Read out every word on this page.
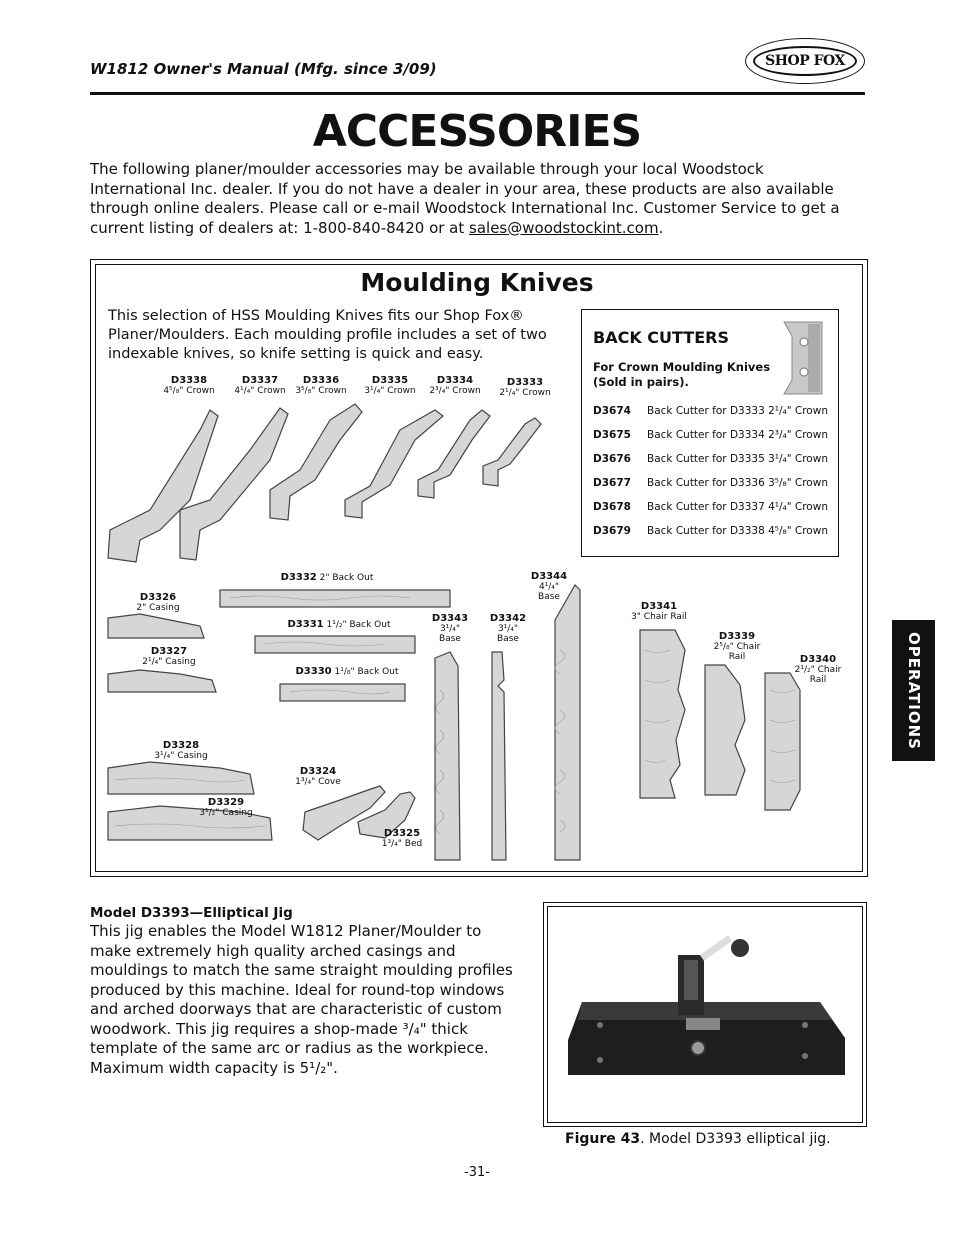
W1812 Owner's Manual (Mfg. since 3/09)	SHOP FOX
ACCESSORIES
The following planer/moulder accessories may be available through your local Woodstock International Inc. dealer. If you do not have a dealer in your area, these products are also available through online dealers. Please call or e-mail Woodstock International Inc. Customer Service to get a current listing of dealers at: 1-800-840-8420 or at sales@woodstockint.com.
Moulding Knives
This selection of HSS Moulding Knives fits our Shop Fox® Planer/Moulders. Each moulding profile includes a set of two indexable knives, so knife setting is quick and easy.
D3338
4⁵/₈" Crown
D3337
4¹/₄" Crown
D3336
3⁵/₈" Crown
D3335
3¹/₄" Crown
D3334
2³/₄" Crown
D3333
2¹/₄" Crown
D3332 2" Back Out
D3331 1¹/₂" Back Out
D3330 1¹/₈" Back Out
D3326
2" Casing
D3327
2¹/₄" Casing
D3328
3¹/₄" Casing
D3329
3¹/₂" Casing
D3324
1³/₄" Cove
D3325
1³/₄" Bed
D3343
3¹/₄"
Base
D3342
3¹/₄"
Base
D3344
4¹/₄"
Base
D3341
3" Chair Rail
D3339
2⁵/₈" Chair
Rail	D3340
2¹/₂" Chair
Rail
BACK CUTTERS
For Crown Moulding Knives (Sold in pairs).
D3674 Back Cutter for D3333 2¹/₄" Crown
D3675 Back Cutter for D3334 2³/₄" Crown
D3676 Back Cutter for D3335 3¹/₄" Crown
D3677 Back Cutter for D3336 3⁵/₈" Crown
D3678 Back Cutter for D3337 4¹/₄" Crown
D3679 Back Cutter for D3338 4⁵/₈" Crown
OPERATIONS
Model D3393—Elliptical Jig
This jig enables the Model W1812 Planer/Moulder to make extremely high quality arched casings and mouldings to match the same straight moulding profiles produced by this machine. Ideal for round-top windows and arched doorways that are characteristic of custom woodwork. This jig requires a shop-made ³/₄" thick template of the same arc or radius as the workpiece. Maximum width capacity is 5¹/₂".
Figure 43. Model D3393 elliptical jig.
-31-
